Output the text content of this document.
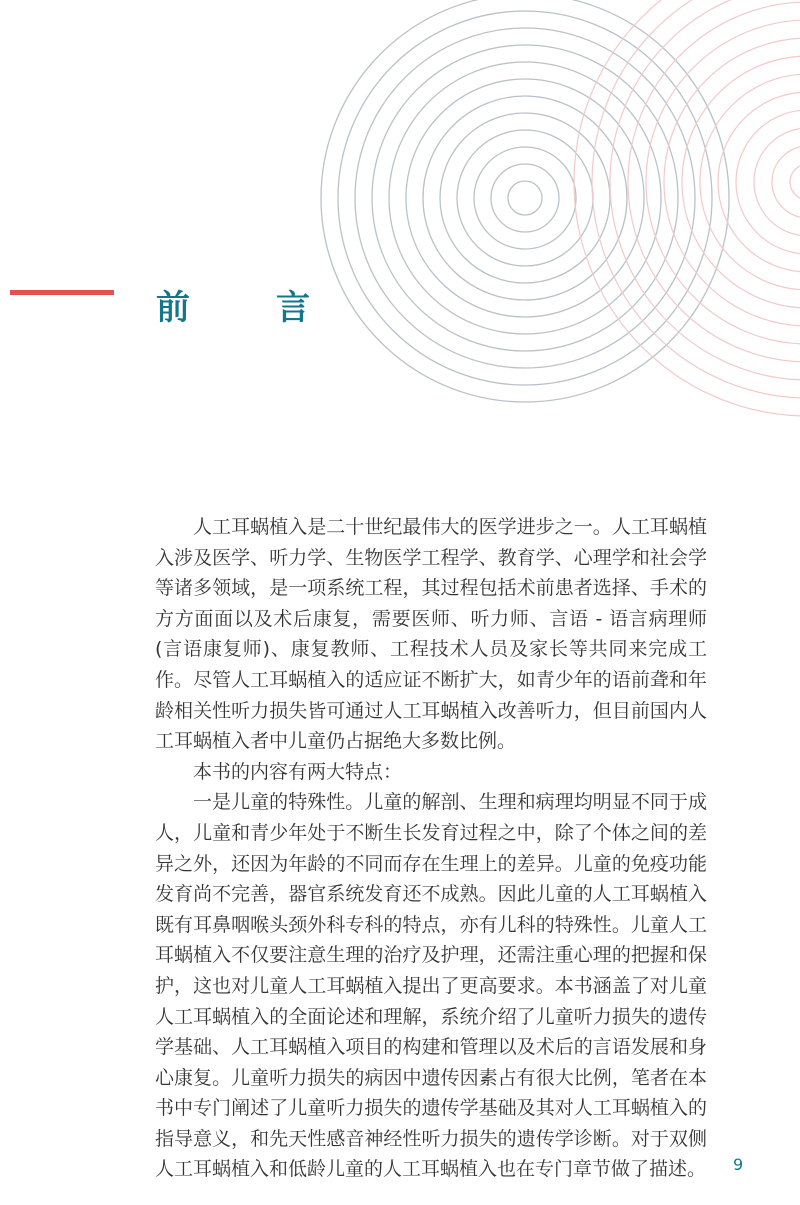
前　言

人工耳蜗植入是二十世纪最伟大的医学进步之一。人工耳蜗植入涉及医学、听力学、生物医学工程学、教育学、心理学和社会学等诸多领域，是一项系统工程，其过程包括术前患者选择、手术的方方面面以及术后康复，需要医师、听力师、言语 - 语言病理师(言语康复师)、康复教师、工程技术人员及家长等共同来完成工作。尽管人工耳蜗植入的适应证不断扩大，如青少年的语前聋和年龄相关性听力损失皆可通过人工耳蜗植入改善听力，但目前国内人工耳蜗植入者中儿童仍占据绝大多数比例。

本书的内容有两大特点：

一是儿童的特殊性。儿童的解剖、生理和病理均明显不同于成人，儿童和青少年处于不断生长发育过程之中，除了个体之间的差异之外，还因为年龄的不同而存在生理上的差异。儿童的免疫功能发育尚不完善，器官系统发育还不成熟。因此儿童的人工耳蜗植入既有耳鼻咽喉头颈外科专科的特点，亦有儿科的特殊性。儿童人工耳蜗植入不仅要注意生理的治疗及护理，还需注重心理的把握和保护，这也对儿童人工耳蜗植入提出了更高要求。本书涵盖了对儿童人工耳蜗植入的全面论述和理解，系统介绍了儿童听力损失的遗传学基础、人工耳蜗植入项目的构建和管理以及术后的言语发展和身心康复。儿童听力损失的病因中遗传因素占有很大比例，笔者在本书中专门阐述了儿童听力损失的遗传学基础及其对人工耳蜗植入的指导意义，和先天性感音神经性听力损失的遗传学诊断。对于双侧人工耳蜗植入和低龄儿童的人工耳蜗植入也在专门章节做了描述。 9
